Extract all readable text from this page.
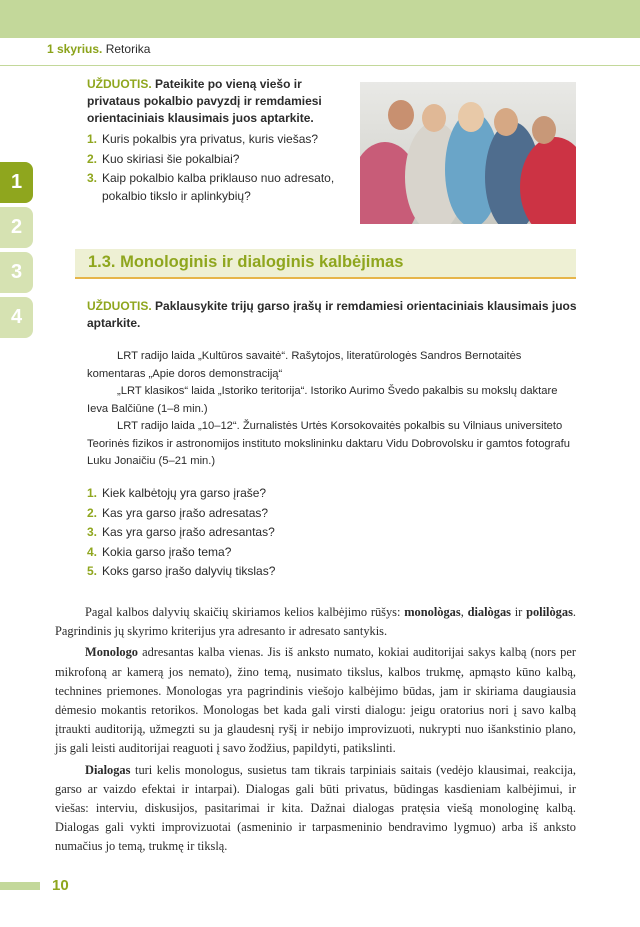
1 skyrius. Retorika
1
2
3
4
UŽDUOTIS. Pateikite po vieną viešo ir privataus pokalbio pavyzdį ir remdamiesi orientaciniais klausimais juos aptarkite.
1. Kuris pokalbis yra privatus, kuris viešas?
2. Kuo skiriasi šie pokalbiai?
3. Kaip pokalbio kalba priklauso nuo adresato, pokalbio tikslo ir aplinkybių?
1.3. Monologinis ir dialoginis kalbėjimas
UŽDUOTIS. Paklausykite trijų garso įrašų ir remdamiesi orientaciniais klausimais juos aptarkite.

LRT radijo laida „Kultūros savaitė“. Rašytojos, literatūrologės Sandros Bernotaitės komentaras „Apie doros demonstraciją“

„LRT klasikos“ laida „Istoriko teritorija“. Istoriko Aurimo Švedo pakalbis su mokslų daktare Ieva Balčiūne (1–8 min.)

LRT radijo laida „10–12“. Žurnalistės Urtės Korsokovaitės pokalbis su Vilniaus universiteto Teorinės fizikos ir astronomijos instituto mokslininku daktaru Vidu Dobrovolsku ir gamtos fotografu Luku Jonaičiu (5–21 min.)

1. Kiek kalbėtojų yra garso įraše?
2. Kas yra garso įrašo adresatas?
3. Kas yra garso įrašo adresantas?
4. Kokia garso įrašo tema?
5. Koks garso įrašo dalyvių tikslas?

Pagal kalbos dalyvių skaičių skiriamos kelios kalbėjimo rūšys: monològas, dialògas ir polilògas. Pagrindinis jų skyrimo kriterijus yra adresanto ir adresato santykis.

Monologo adresantas kalba vienas. Jis iš anksto numato, kokiai auditorijai sakys kalbą (nors per mikrofoną ar kamerą jos nemato), žino temą, nusimato tikslus, kalbos trukmę, apmąsto kūno kalbą, technines priemones. Monologas yra pagrindinis viešojo kalbėjimo būdas, jam ir skiriama daugiausia dėmesio mokantis retorikos. Monologas bet kada gali virsti dialogu: jeigu oratorius nori į savo kalbą įtraukti auditoriją, užmegzti su ja glaudesnį ryšį ir nebijo improvizuoti, nukrypti nuo išankstinio plano, jis gali leisti auditorijai reaguoti į savo žodžius, papildyti, patikslinti.

Dialogas turi kelis monologus, susietus tam tikrais tarpiniais saitais (vedėjo klausimai, reakcija, garso ar vaizdo efektai ir intarpai). Dialogas gali būti privatus, būdingas kasdieniam kalbėjimui, ir viešas: interviu, diskusijos, pasitarimai ir kita. Dažnai dialogas pratęsia viešą monologinę kalbą. Dialogas gali vykti improvizuotai (asmeninio ir tarpasmeninio bendravimo lygmuo) arba iš anksto numačius jo temą, trukmę ir tikslą.

10
